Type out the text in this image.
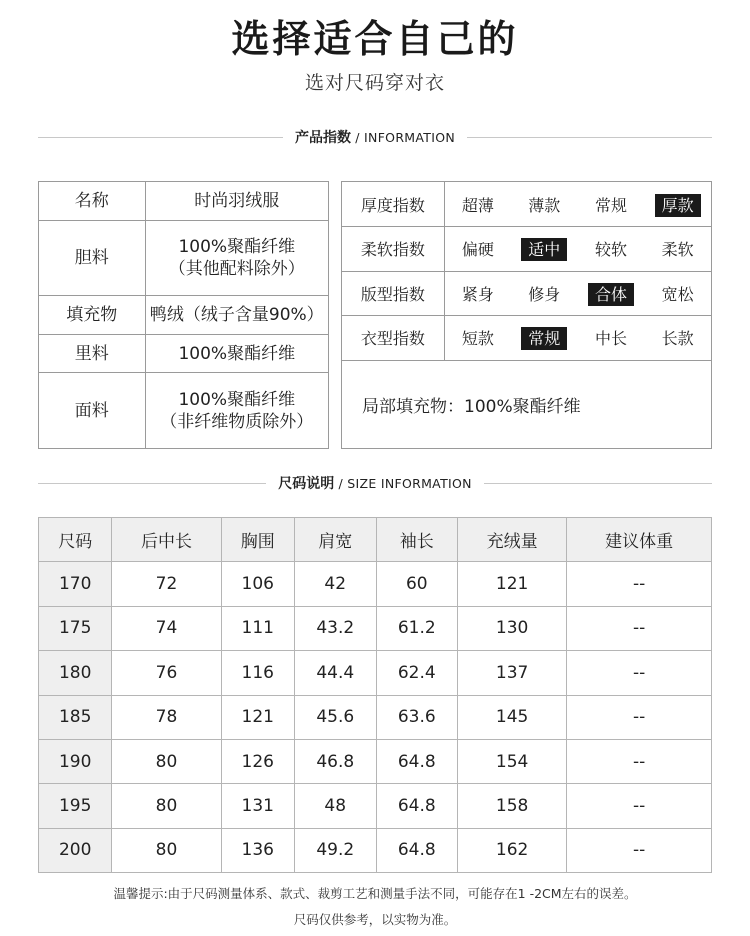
选择适合自己的
选对尺码穿对衣
产品指数 / INFORMATION
名称	时尚羽绒服
胆料	100%聚酯纤维
（其他配料除外）
填充物	鸭绒（绒子含量90%）
里料	100%聚酯纤维
面料	100%聚酯纤维
（非纤维物质除外）
厚度指数	超薄	薄款	常规	厚款
柔软指数	偏硬	适中	较软	柔软
版型指数	紧身	修身	合体	宽松
衣型指数	短款	常规	中长	长款
局部填充物：100%聚酯纤维
尺码说明 / SIZE INFORMATION
尺码	后中长	胸围	肩宽	袖长	充绒量	建议体重
170	72	106	42	60	121	--
175	74	111	43.2	61.2	130	--
180	76	116	44.4	62.4	137	--
185	78	121	45.6	63.6	145	--
190	80	126	46.8	64.8	154	--
195	80	131	48	64.8	158	--
200	80	136	49.2	64.8	162	--
温馨提示:由于尺码测量体系、款式、裁剪工艺和测量手法不同，可能存在1 -2CM左右的误差。
尺码仅供参考，以实物为准。
